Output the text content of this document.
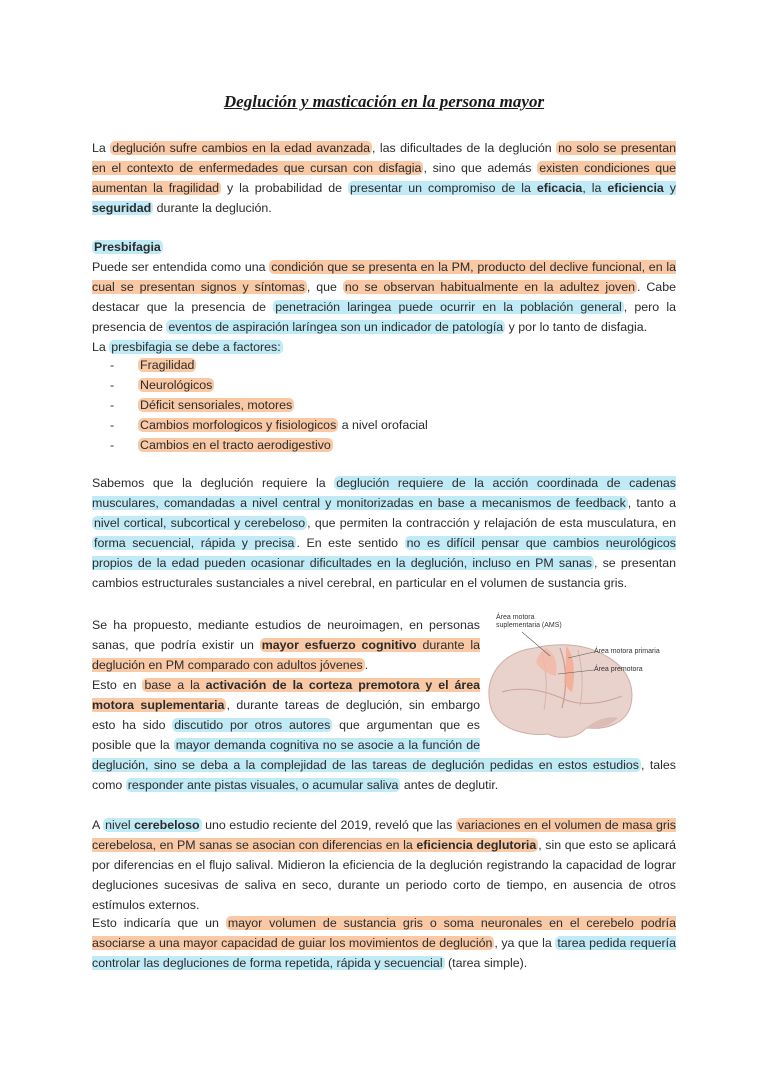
Deglución y masticación en la persona mayor

La deglución sufre cambios en la edad avanzada , las dificultades de la deglución no solo se presentan en el contexto de enfermedades que cursan con disfagia , sino que además existen condiciones que aumentan la fragilidad y la probabilidad de presentar un compromiso de la eficacia, la eficiencia y seguridad durante la deglución.

Presbifagia
Puede ser entendida como una condición que se presenta en la PM, producto del declive funcional, en la cual se presentan signos y síntomas , que no se observan habitualmente en la adultez joven . Cabe destacar que la presencia de penetración laringea puede ocurrir en la población general , pero la presencia de eventos de aspiración laríngea son un indicador de patología y por lo tanto de disfagia.
La presbifagia se debe a factores:

- Fragilidad
- Neurológicos
- Déficit sensoriales, motores
- Cambios morfologicos y fisiologicos a nivel orofacial
- Cambios en el tracto aerodigestivo

Sabemos que la deglución requiere la deglución requiere de la acción coordinada de cadenas musculares, comandadas a nivel central y monitorizadas en base a mecanismos de feedback , tanto a nivel cortical, subcortical y cerebeloso , que permiten la contracción y relajación de esta musculatura, en forma secuencial, rápida y precisa . En este sentido no es difícil pensar que cambios neurológicos propios de la edad pueden ocasionar dificultades en la deglución, incluso en PM sanas , se presentan cambios estructurales sustanciales a nivel cerebral, en particular en el volumen de sustancia gris.

Se ha propuesto, mediante estudios de neuroimagen, en personas sanas, que podría existir un mayor esfuerzo cognitivo durante la deglución en PM comparado con adultos jóvenes .
Esto en base a la activación de la corteza premotora y el área motora suplementaria , durante tareas de deglución, sin embargo esto ha sido discutido por otros autores que argumentan que es posible que la mayor demanda cognitiva no se asocie a la función de deglución, sino se deba a la complejidad de las tareas de deglución pedidas en estos estudios , tales como responder ante pistas visuales, o acumular saliva antes de deglutir.

Área motora suplementaria (AMS)
Área motora primaria
Área premotora

A nivel cerebeloso uno estudio reciente del 2019, reveló que las variaciones en el volumen de masa gris cerebelosa, en PM sanas se asocian con diferencias en la eficiencia deglutoria , sin que esto se aplicará por diferencias en el flujo salival. Midieron la eficiencia de la deglución registrando la capacidad de lograr degluciones sucesivas de saliva en seco, durante un periodo corto de tiempo, en ausencia de otros estímulos externos.

Esto indicaría que un mayor volumen de sustancia gris o soma neuronales en el cerebelo podría asociarse a una mayor capacidad de guiar los movimientos de deglución , ya que la tarea pedida requería controlar las degluciones de forma repetida, rápida y secuencial (tarea simple).
